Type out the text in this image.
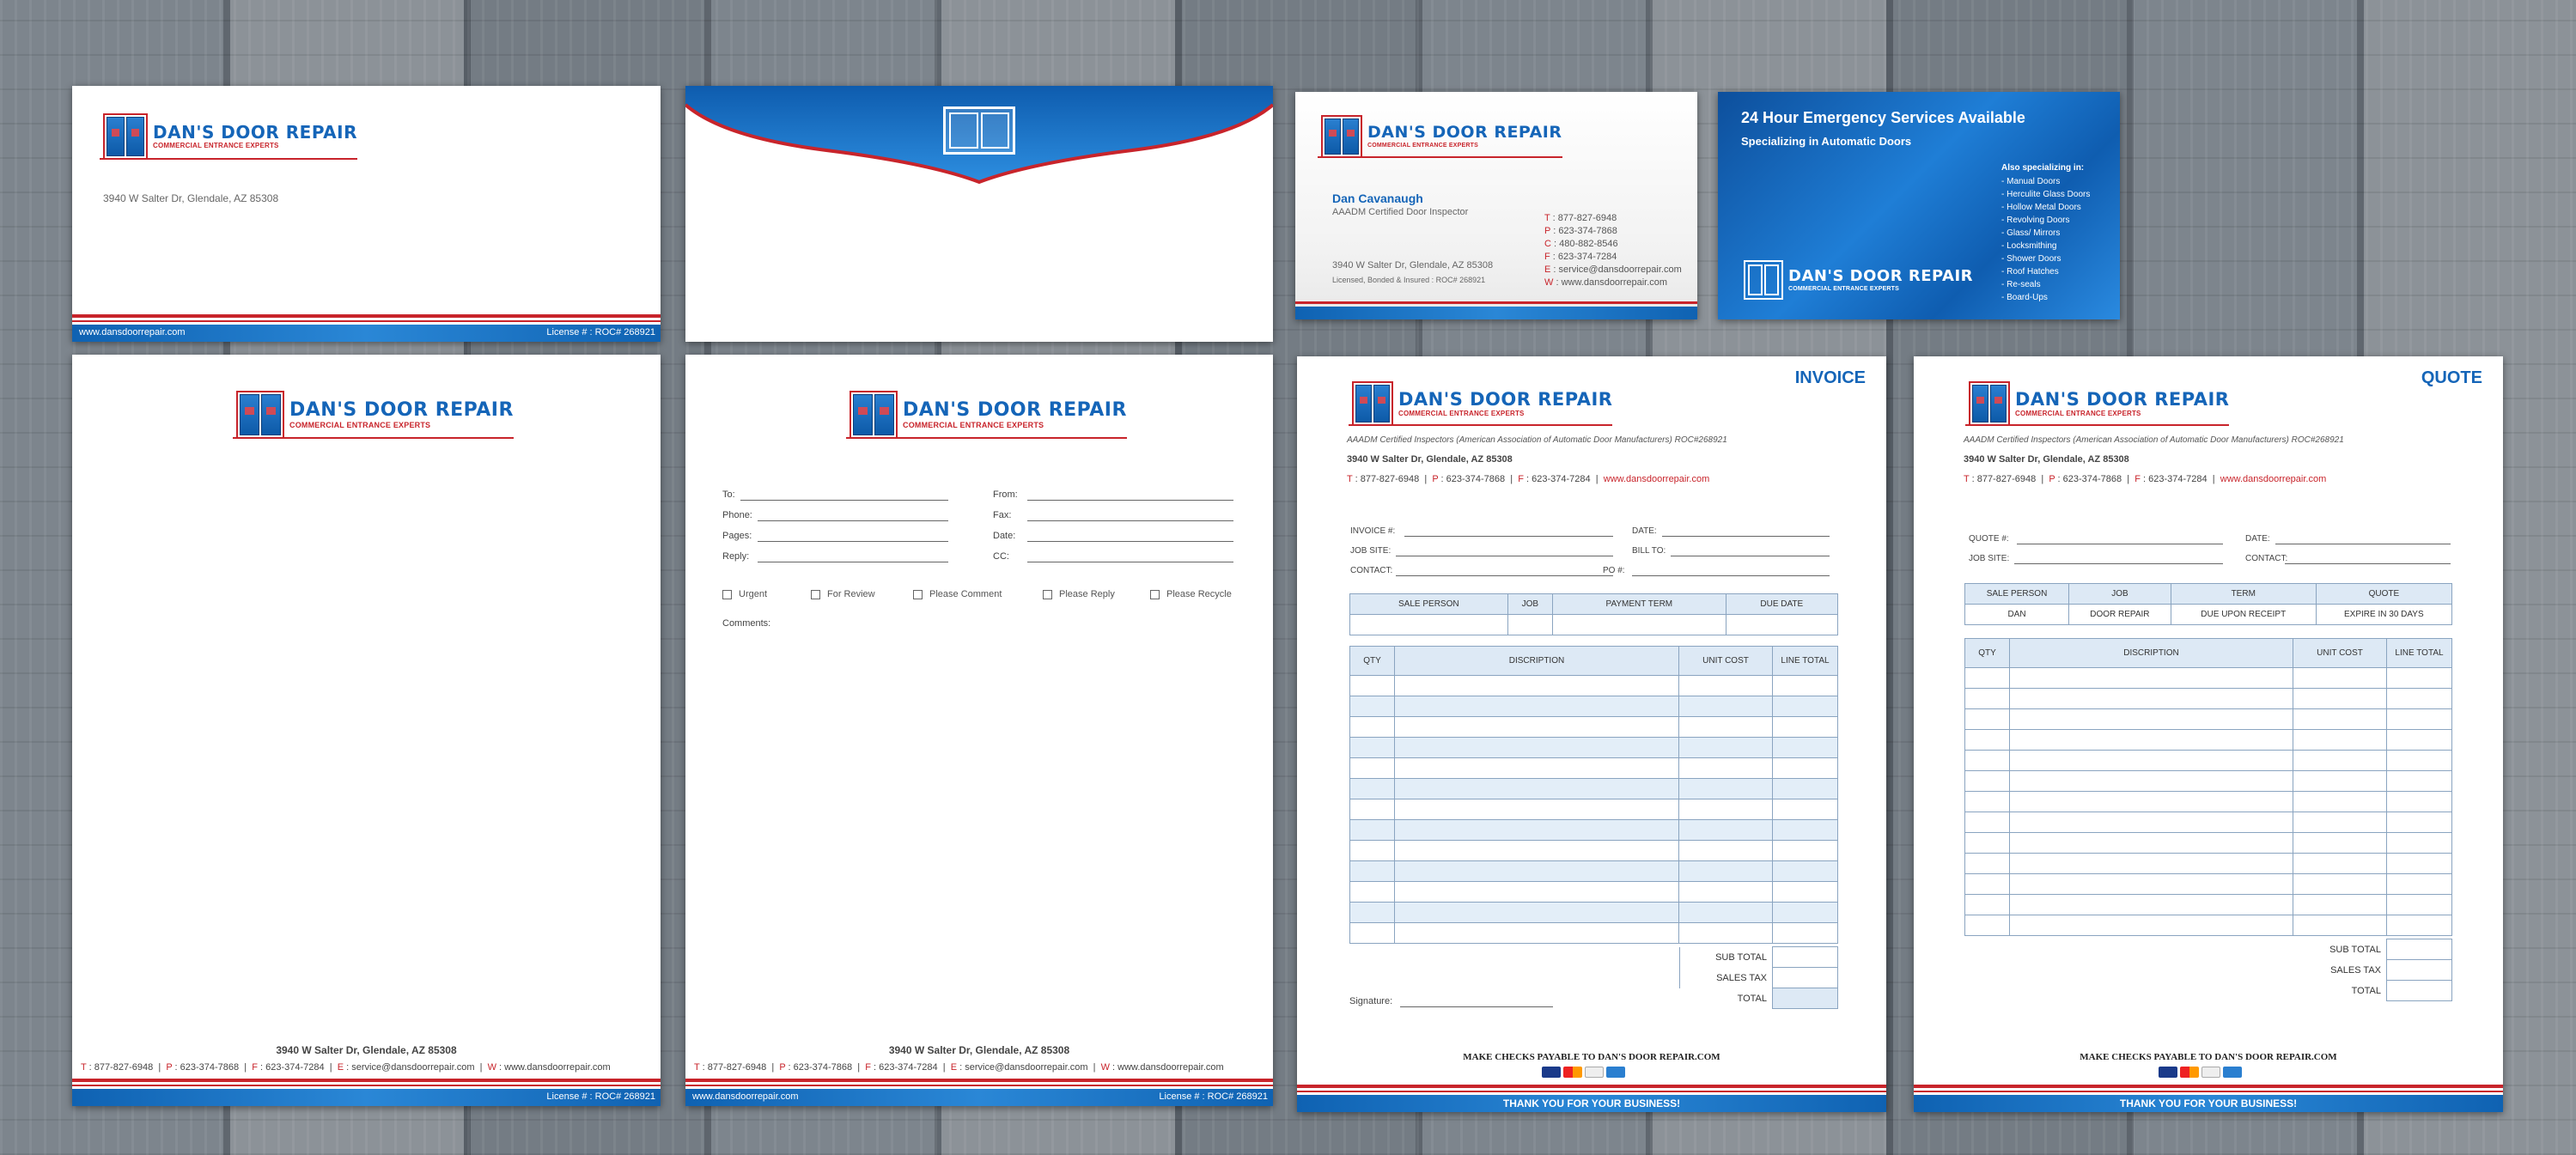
DAN'S DOOR REPAIR
COMMERCIAL ENTRANCE EXPERTS
3940 W Salter Dr, Glendale, AZ 85308
www.dansdoorrepair.com	License # : ROC# 268921
DAN'S DOOR REPAIR
COMMERCIAL ENTRANCE EXPERTS
Dan Cavanaugh
AAADM Certified Door Inspector
3940 W Salter Dr, Glendale, AZ 85308
Licensed, Bonded & Insured : ROC# 268921
T : 877-827-6948
P : 623-374-7868
C : 480-882-8546
F : 623-374-7284
E : service@dansdoorrepair.com
W : www.dansdoorrepair.com
24 Hour Emergency Services Available
Specializing in Automatic Doors
Also specializing in:
- Manual Doors
- Herculite Glass Doors
- Hollow Metal Doors
- Revolving Doors
- Glass/ Mirrors
- Locksmithing
- Shower Doors
- Roof Hatches
- Re-seals
- Board-Ups
DAN'S DOOR REPAIR
COMMERCIAL ENTRANCE EXPERTS
DAN'S DOOR REPAIR
COMMERCIAL ENTRANCE EXPERTS
3940 W Salter Dr, Glendale, AZ 85308
T : 877-827-6948  |  P : 623-374-7868  |  F : 623-374-7284  |  E : service@dansdoorrepair.com  |  W : www.dansdoorrepair.com
License # : ROC# 268921
DAN'S DOOR REPAIR
COMMERCIAL ENTRANCE EXPERTS
To:
Phone:
Pages:
Reply:
From:
Fax:
Date:
CC:
Urgent	For Review	Please Comment	Please Reply	Please Recycle
Comments:
3940 W Salter Dr, Glendale, AZ 85308
T : 877-827-6948  |  P : 623-374-7868  |  F : 623-374-7284  |  E : service@dansdoorrepair.com  |  W : www.dansdoorrepair.com
www.dansdoorrepair.com	License # : ROC# 268921
INVOICE
DAN'S DOOR REPAIR
COMMERCIAL ENTRANCE EXPERTS
AAADM Certified Inspectors (American Association of Automatic Door Manufacturers) ROC#268921
3940 W Salter Dr, Glendale, AZ 85308
T : 877-827-6948  |  P : 623-374-7868  |  F : 623-374-7284  |  www.dansdoorrepair.com
INVOICE #:
JOB SITE:
CONTACT:
DATE:
BILL TO:
PO #:
SALE PERSON	JOB	PAYMENT TERM	DUE DATE

QTY	DISCRIPTION	UNIT COST	LINE TOTAL

SUB TOTAL	
SALES TAX	
TOTAL	
Signature:
MAKE CHECKS PAYABLE TO DAN'S DOOR REPAIR.COM
THANK YOU FOR YOUR BUSINESS!
QUOTE
DAN'S DOOR REPAIR
COMMERCIAL ENTRANCE EXPERTS
AAADM Certified Inspectors (American Association of Automatic Door Manufacturers) ROC#268921
3940 W Salter Dr, Glendale, AZ 85308
T : 877-827-6948  |  P : 623-374-7868  |  F : 623-374-7284  |  www.dansdoorrepair.com
QUOTE #:
JOB SITE:
DATE:
CONTACT:
SALE PERSON	JOB	TERM	QUOTE
DAN	DOOR REPAIR	DUE UPON RECEIPT	EXPIRE IN 30 DAYS
QTY	DISCRIPTION	UNIT COST	LINE TOTAL

SUB TOTAL	
SALES TAX	
TOTAL	
MAKE CHECKS PAYABLE TO DAN'S DOOR REPAIR.COM
THANK YOU FOR YOUR BUSINESS!
